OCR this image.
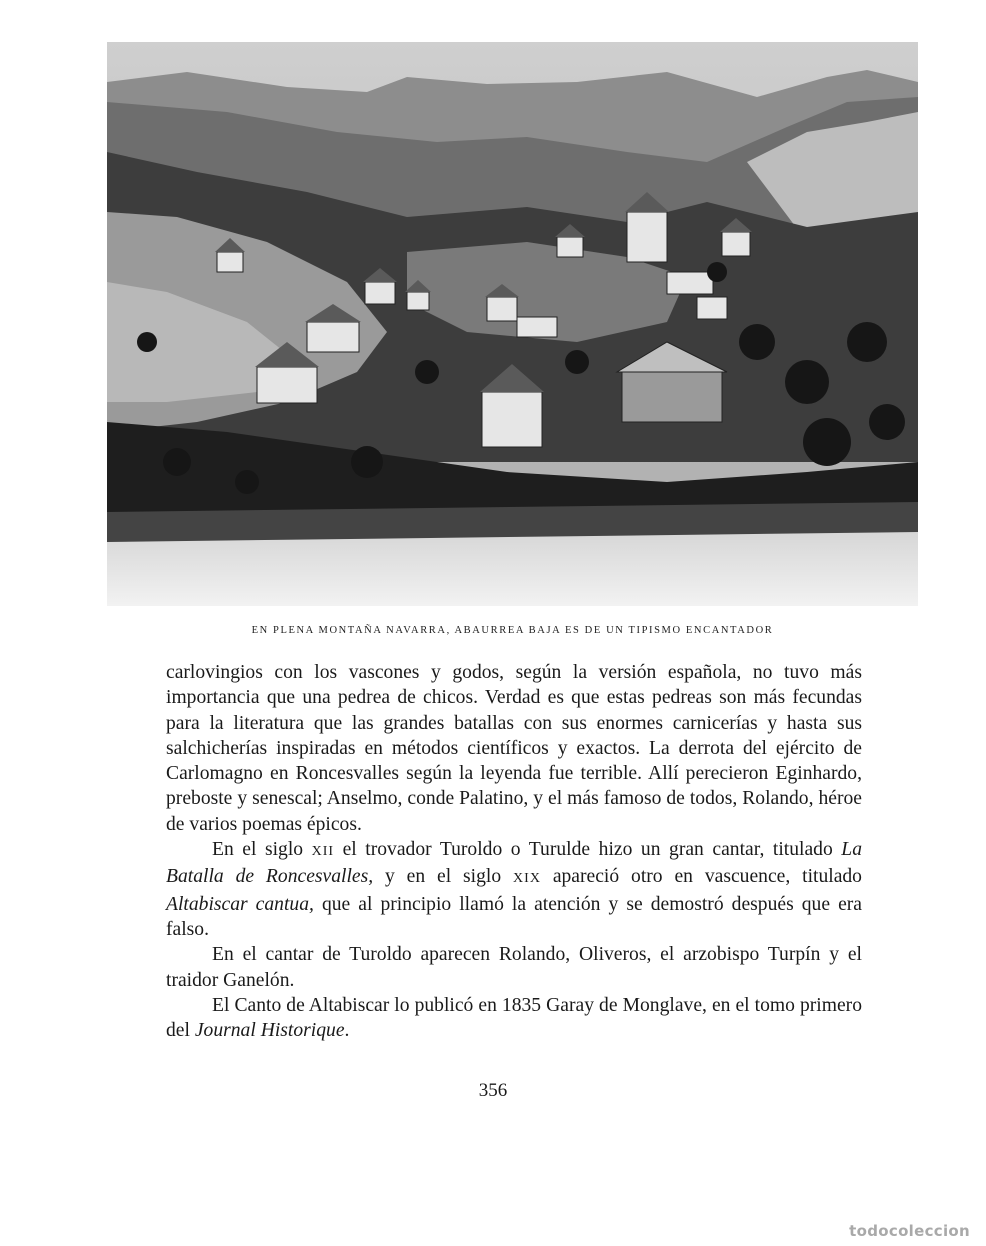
EN PLENA MONTAÑA NAVARRA, ABAURREA BAJA ES DE UN TIPISMO ENCANTADOR

carlovingios con los vascones y godos, según la versión española, no tuvo más importancia que una pedrea de chicos. Verdad es que estas pedreas son más fecundas para la literatura que las grandes batallas con sus enormes carnicerías y hasta sus salchicherías inspiradas en métodos científicos y exactos. La derrota del ejército de Carlomagno en Roncesvalles según la leyenda fue terrible. Allí perecieron Eginhardo, preboste y senescal; Anselmo, conde Palatino, y el más famoso de todos, Rolando, héroe de varios poemas épicos.

En el siglo XII el trovador Turoldo o Turulde hizo un gran cantar, titulado La Batalla de Roncesvalles, y en el siglo XIX apareció otro en vascuence, titulado Altabiscar cantua, que al principio llamó la atención y se demostró después que era falso.

En el cantar de Turoldo aparecen Rolando, Oliveros, el arzobispo Turpín y el traidor Ganelón.

El Canto de Altabiscar lo publicó en 1835 Garay de Monglave, en el tomo primero del Journal Historique.

356
todocoleccion
